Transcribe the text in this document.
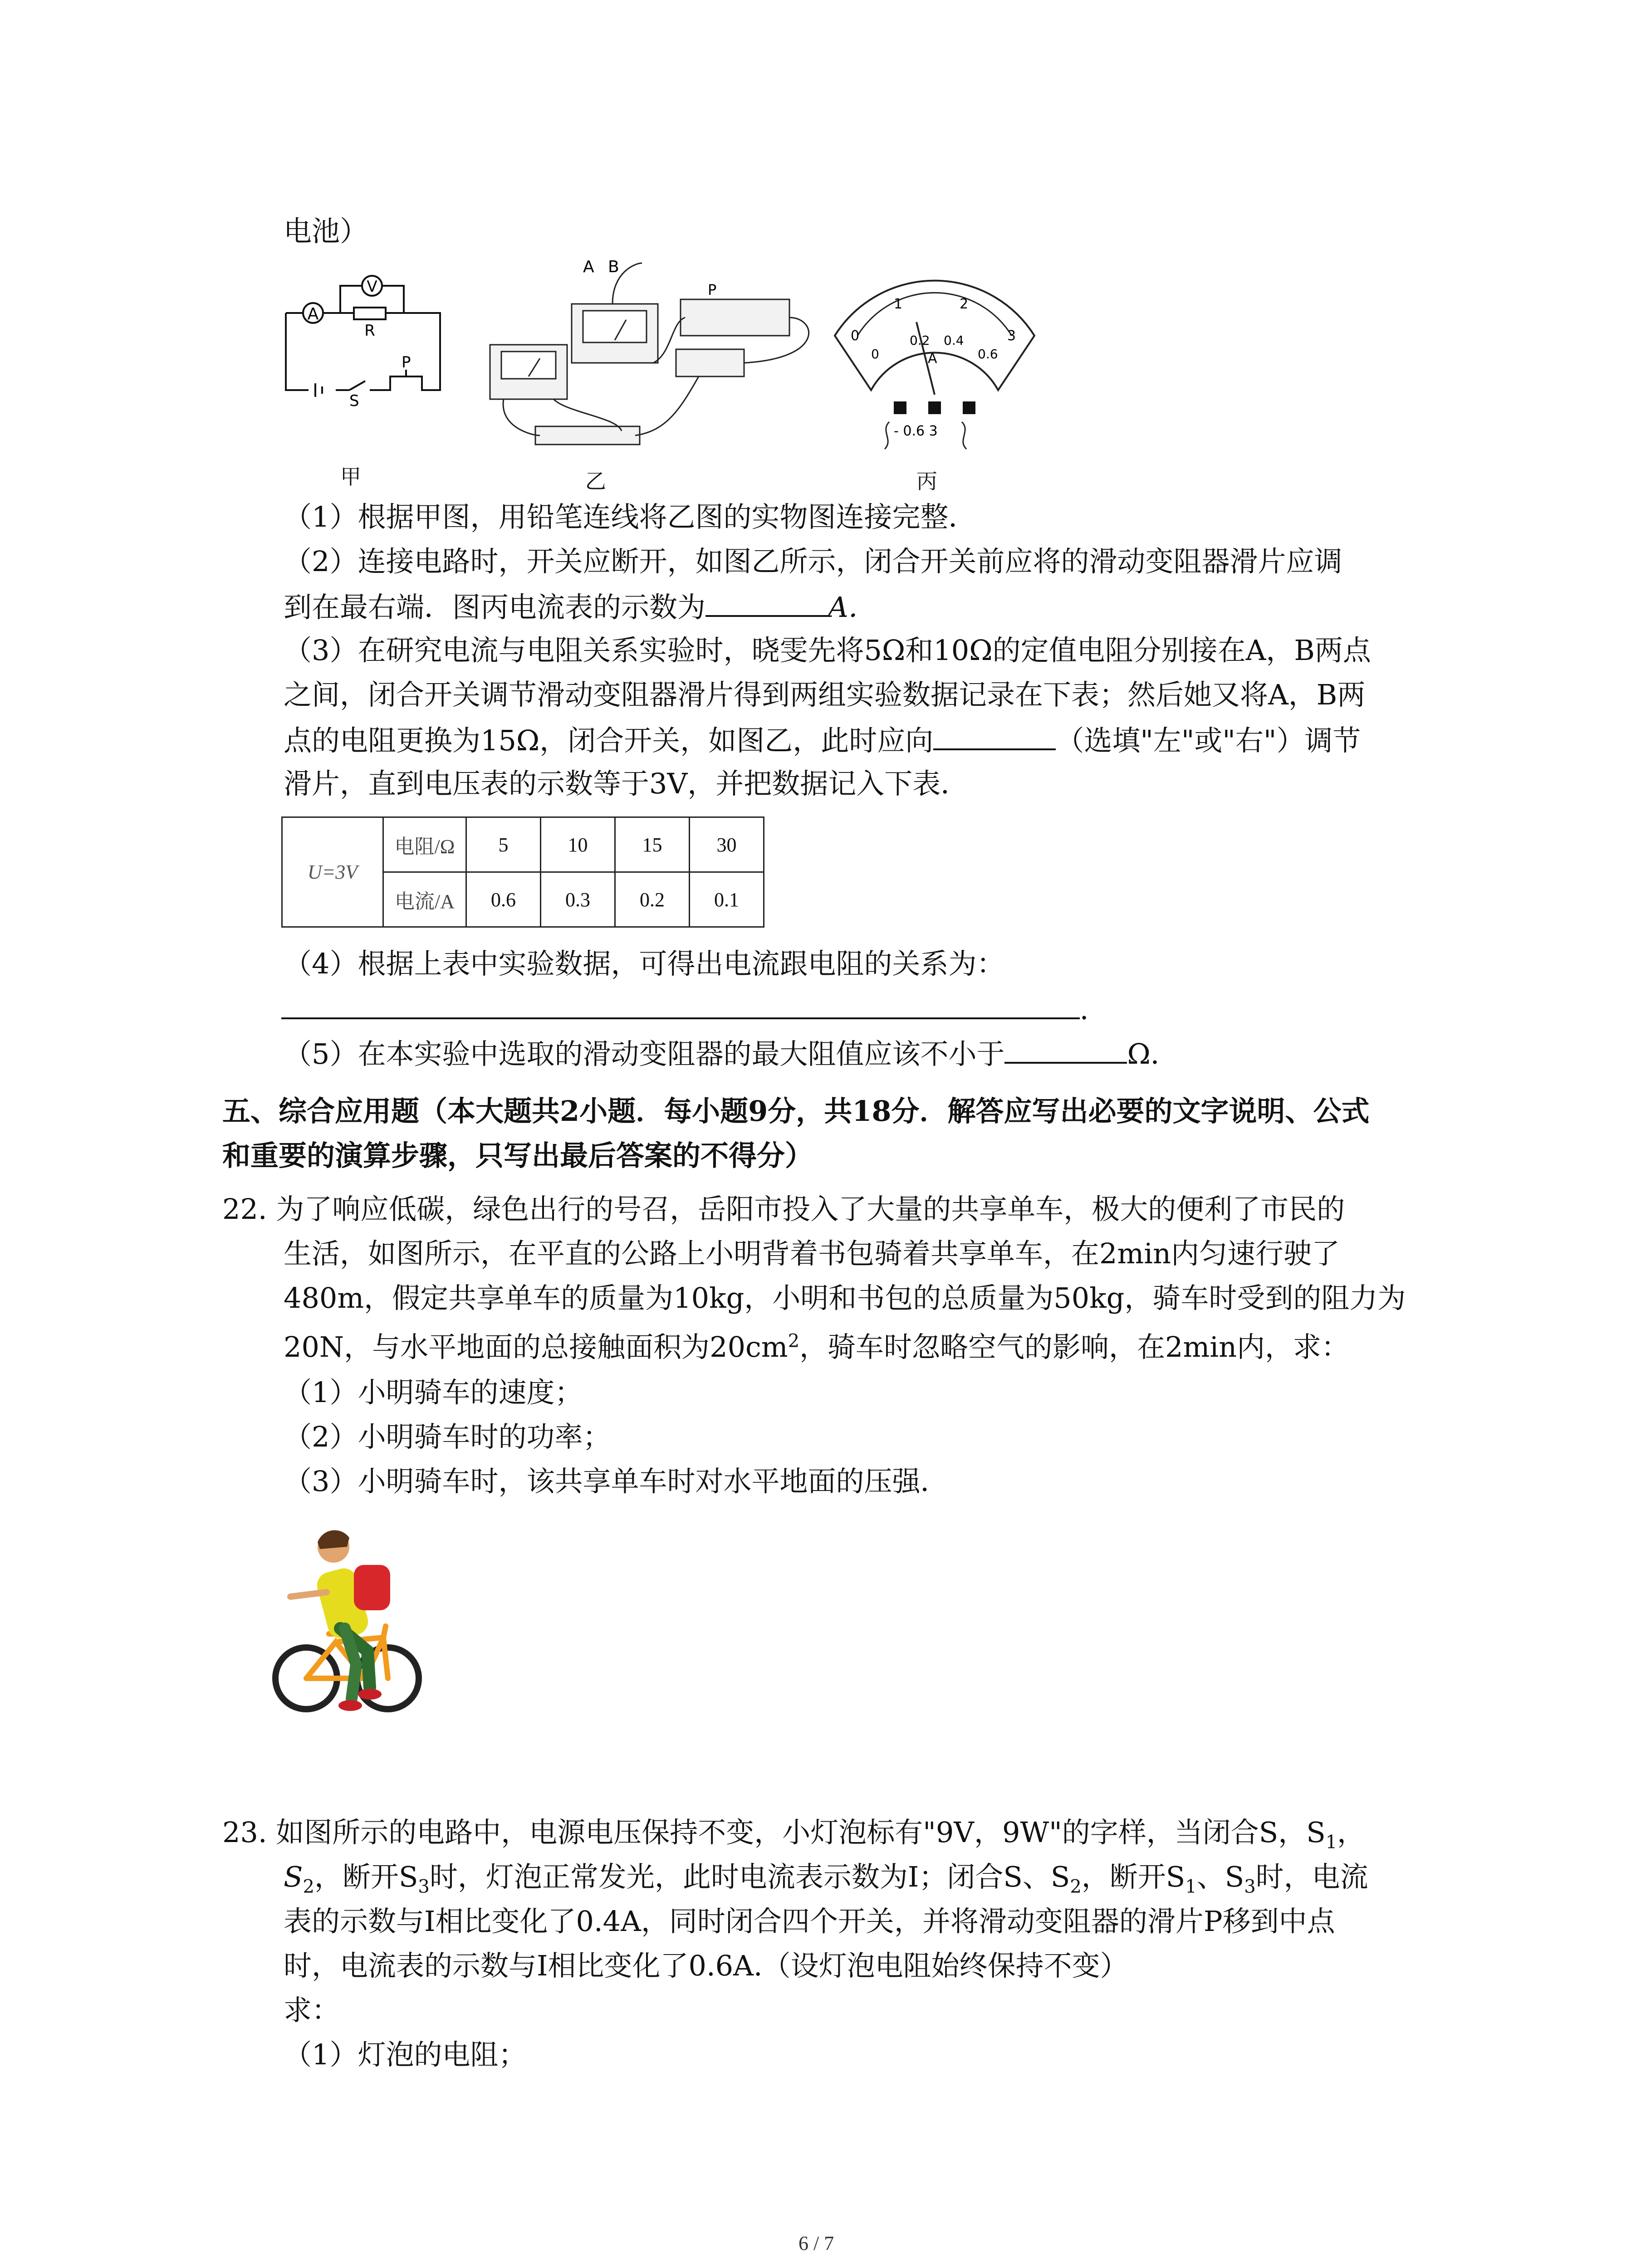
电池）
A
V
R
P
S
甲
A B
P
乙
0
1	2
3
0
0.2 0.4
0.6
A
- 0.6 3
丙
（1）根据甲图，用铅笔连线将乙图的实物图连接完整．
（2）连接电路时，开关应断开，如图乙所示，闭合开关前应将的滑动变阻器滑片应调
到在最右端．图丙电流表的示数为	A．
（3）在研究电流与电阻关系实验时，晓雯先将5Ω和10Ω的定值电阻分别接在A，B两点
之间，闭合开关调节滑动变阻器滑片得到两组实验数据记录在下表；然后她又将A，B两
点的电阻更换为15Ω，闭合开关，如图乙，此时应向	（选填"左"或"右"）调节
滑片，直到电压表的示数等于3V，并把数据记入下表．
U=3V	电阻/Ω	5	10	15	30
	电流/A	0.6	0.3	0.2	0.1
（4）根据上表中实验数据，可得出电流跟电阻的关系为：
．
（5）在本实验中选取的滑动变阻器的最大阻值应该不小于	Ω．
五、综合应用题（本大题共2小题．每小题9分，共18分．解答应写出必要的文字说明、公式
和重要的演算步骤，只写出最后答案的不得分）
22. 为了响应低碳，绿色出行的号召，岳阳市投入了大量的共享单车，极大的便利了市民的
生活，如图所示，在平直的公路上小明背着书包骑着共享单车，在2min内匀速行驶了
480m，假定共享单车的质量为10kg，小明和书包的总质量为50kg，骑车时受到的阻力为
20N，与水平地面的总接触面积为$20cm^2$，骑车时忽略空气的影响，在2min内，求：
（1）小明骑车的速度；
（2）小明骑车时的功率；
（3）小明骑车时，该共享单车时对水平地面的压强．
23. 如图所示的电路中，电源电压保持不变，小灯泡标有"9V，9W"的字样，当闭合S，$S_1$，
$S_2$，断开$S_3$时，灯泡正常发光，此时电流表示数为I；闭合S、$S_2$，断开$S_1$、$S_3$时，电流
表的示数与I相比变化了0.4A，同时闭合四个开关，并将滑动变阻器的滑片P移到中点
时，电流表的示数与I相比变化了0.6A.（设灯泡电阻始终保持不变）
求：
（1）灯泡的电阻；
6 / 7
